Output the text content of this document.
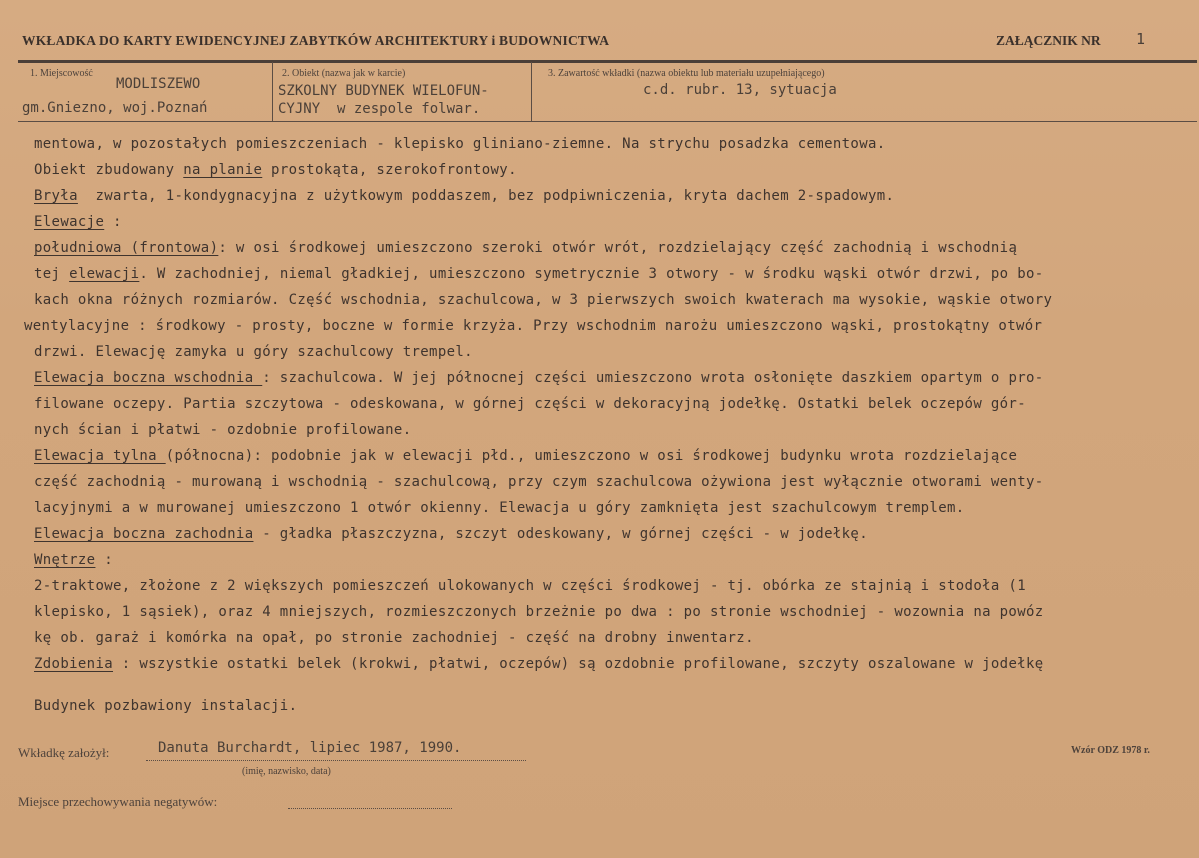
WKŁADKA DO KARTY EWIDENCYJNEJ ZABYTKÓW ARCHITEKTURY i BUDOWNICTWA	ZAŁĄCZNIK NR 1
1. Miejscowość
MODLISZEWO
gm.Gniezno, woj.Poznań
2. Obiekt (nazwa jak w karcie)
SZKOLNY BUDYNEK WIELOFUN-
CYJNY  w zespole folwar.
3. Zawartość wkładki (nazwa obiektu lub materiału uzupełniającego)
c.d. rubr. 13, sytuacja
mentowa, w pozostałych pomieszczeniach - klepisko gliniano-ziemne. Na strychu posadzka cementowa.
Obiekt zbudowany na planie prostokąta, szerokofrontowy.
Bryła  zwarta, 1-kondygnacyjna z użytkowym poddaszem, bez podpiwniczenia, kryta dachem 2-spadowym.
Elewacje :
południowa_(frontowa): w osi środkowej umieszczono szeroki otwór wrót, rozdzielający część zachodnią i wschodnią
tej elewacji. W zachodniej, niemal gładkiej, umieszczono symetrycznie 3 otwory - w środku wąski otwór drzwi, po bo-
kach okna różnych rozmiarów. Część wschodnia, szachulcowa, w 3 pierwszych swoich kwaterach ma wysokie, wąskie otwory
wentylacyjne : środkowy - prosty, boczne w formie krzyża. Przy wschodnim narożu umieszczono wąski, prostokątny otwór
drzwi. Elewację zamyka u góry szachulcowy trempel.
Elewacja boczna_wschodnia_: szachulcowa. W jej północnej części umieszczono wrota osłonięte daszkiem opartym o pro-
filowane oczepy. Partia szczytowa - odeskowana, w górnej części w dekoracyjną jodełkę. Ostatki belek oczepów gór-
nych ścian i płatwi - ozdobnie profilowane.
Elewacja_tylna_(północna): podobnie jak w elewacji płd., umieszczono w osi środkowej budynku wrota rozdzielające
część zachodnią - murowaną i wschodnią - szachulcową, przy czym szachulcowa ożywiona jest wyłącznie otworami wenty-
lacyjnymi a w murowanej umieszczono 1 otwór okienny. Elewacja u góry zamknięta jest szachulcowym tremplem.
Elewacja_boczna_zachodnia - gładka płaszczyzna, szczyt odeskowany, w górnej części - w jodełkę.
Wnętrze :
2-traktowe, złożone z 2 większych pomieszczeń ulokowanych w części środkowej - tj. obórka ze stajnią i stodoła (1
klepisko, 1 sąsiek), oraz 4 mniejszych, rozmieszczonych brzeżnie po dwa : po stronie wschodniej - wozownia na powóz
kę ob. garaż i komórka na opał, po stronie zachodniej - część na drobny inwentarz.
Zdobienia : wszystkie ostatki belek (krokwi, płatwi, oczepów) są ozdobnie profilowane, szczyty oszalowane w jodełkę
Budynek pozbawiony instalacji.
Wkładkę założył:	Danuta Burchardt, lipiec 1987, 1990.
(imię, nazwisko, data)
Wzór ODZ 1978 r.
Miejsce przechowywania negatywów:
